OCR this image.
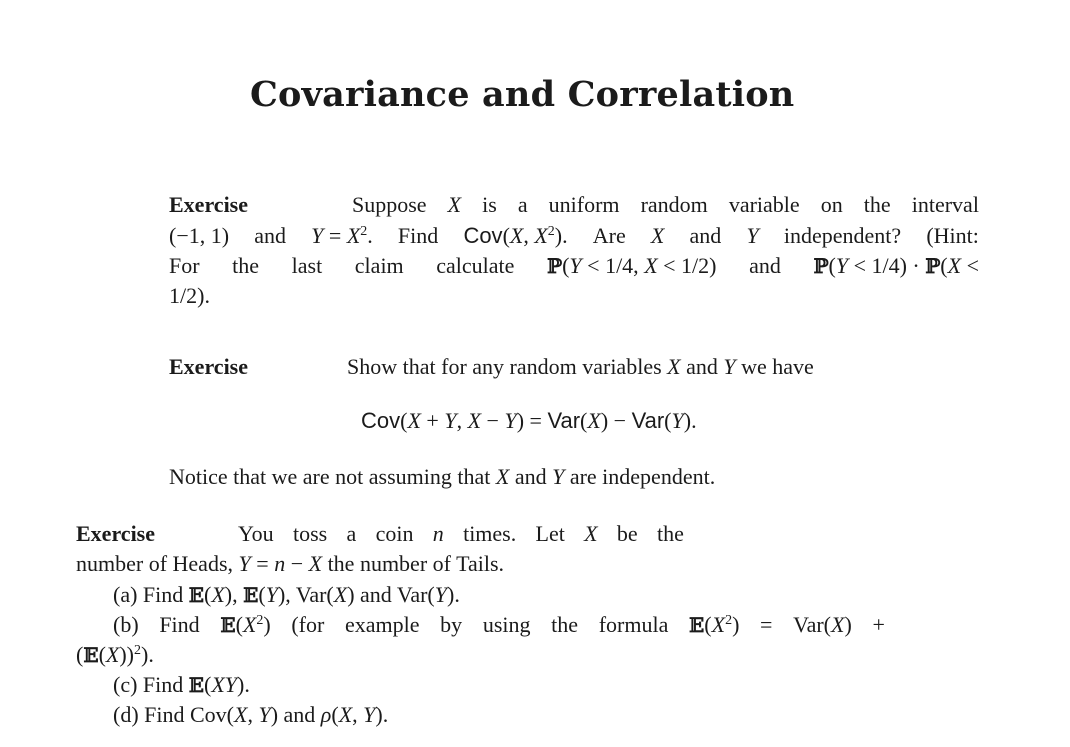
Covariance and Correlation
Exercise	Suppose X is a uniform random variable on the interval
(−1, 1) and $Y = X^2$. Find Cov(X, $X^2$). Are X and Y independent? (Hint:
For the last claim calculate ℙ(Y < 1/4, X < 1/2) and ℙ(Y < 1/4) · ℙ(X <
1/2).
Exercise	Show that for any random variables X and Y we have
Cov(X + Y, X − Y) = Var(X) − Var(Y).
Notice that we are not assuming that X and Y are independent.
Exercise	You toss a coin n times. Let X be the
number of Heads, Y = n − X the number of Tails.
(a) Find 𝔼(X), 𝔼(Y), Var(X) and Var(Y).
(b) Find $𝔼(X^2)$ (for example by using the formula $𝔼(X^2) = Var(X)$ +
(𝔼(X))$^2$).
(c) Find 𝔼(XY).
(d) Find Cov(X, Y) and ρ(X, Y).
